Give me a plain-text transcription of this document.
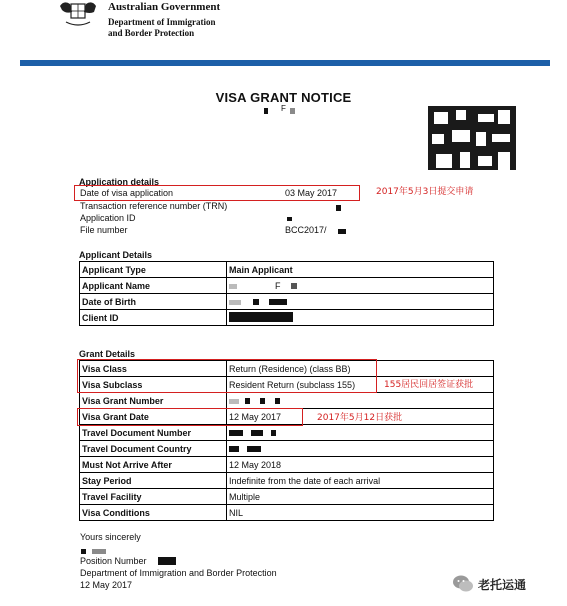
Australian Government
Department of Immigration
and Border Protection
VISA GRANT NOTICE
F
Application details
Date of visa application	03 May 2017
Transaction reference number (TRN)
Application ID
File number	BCC2017/
2017年5月3日提交申请
Applicant Details
Applicant Type	Main Applicant
Applicant Name	F
Date of Birth	
Client ID	
Grant Details
Visa Class	Return (Residence) (class BB)
Visa Subclass	Resident Return (subclass 155)
Visa Grant Number	
Visa Grant Date	12 May 2017
Travel Document Number	
Travel Document Country	
Must Not Arrive After	12 May 2018
Stay Period	Indefinite from the date of each arrival
Travel Facility	Multiple
Visa Conditions	NIL
155居民回居签证获批
2017年5月12日获批
Yours sincerely
Position Number
Department of Immigration and Border Protection
12 May 2017	老托运通
